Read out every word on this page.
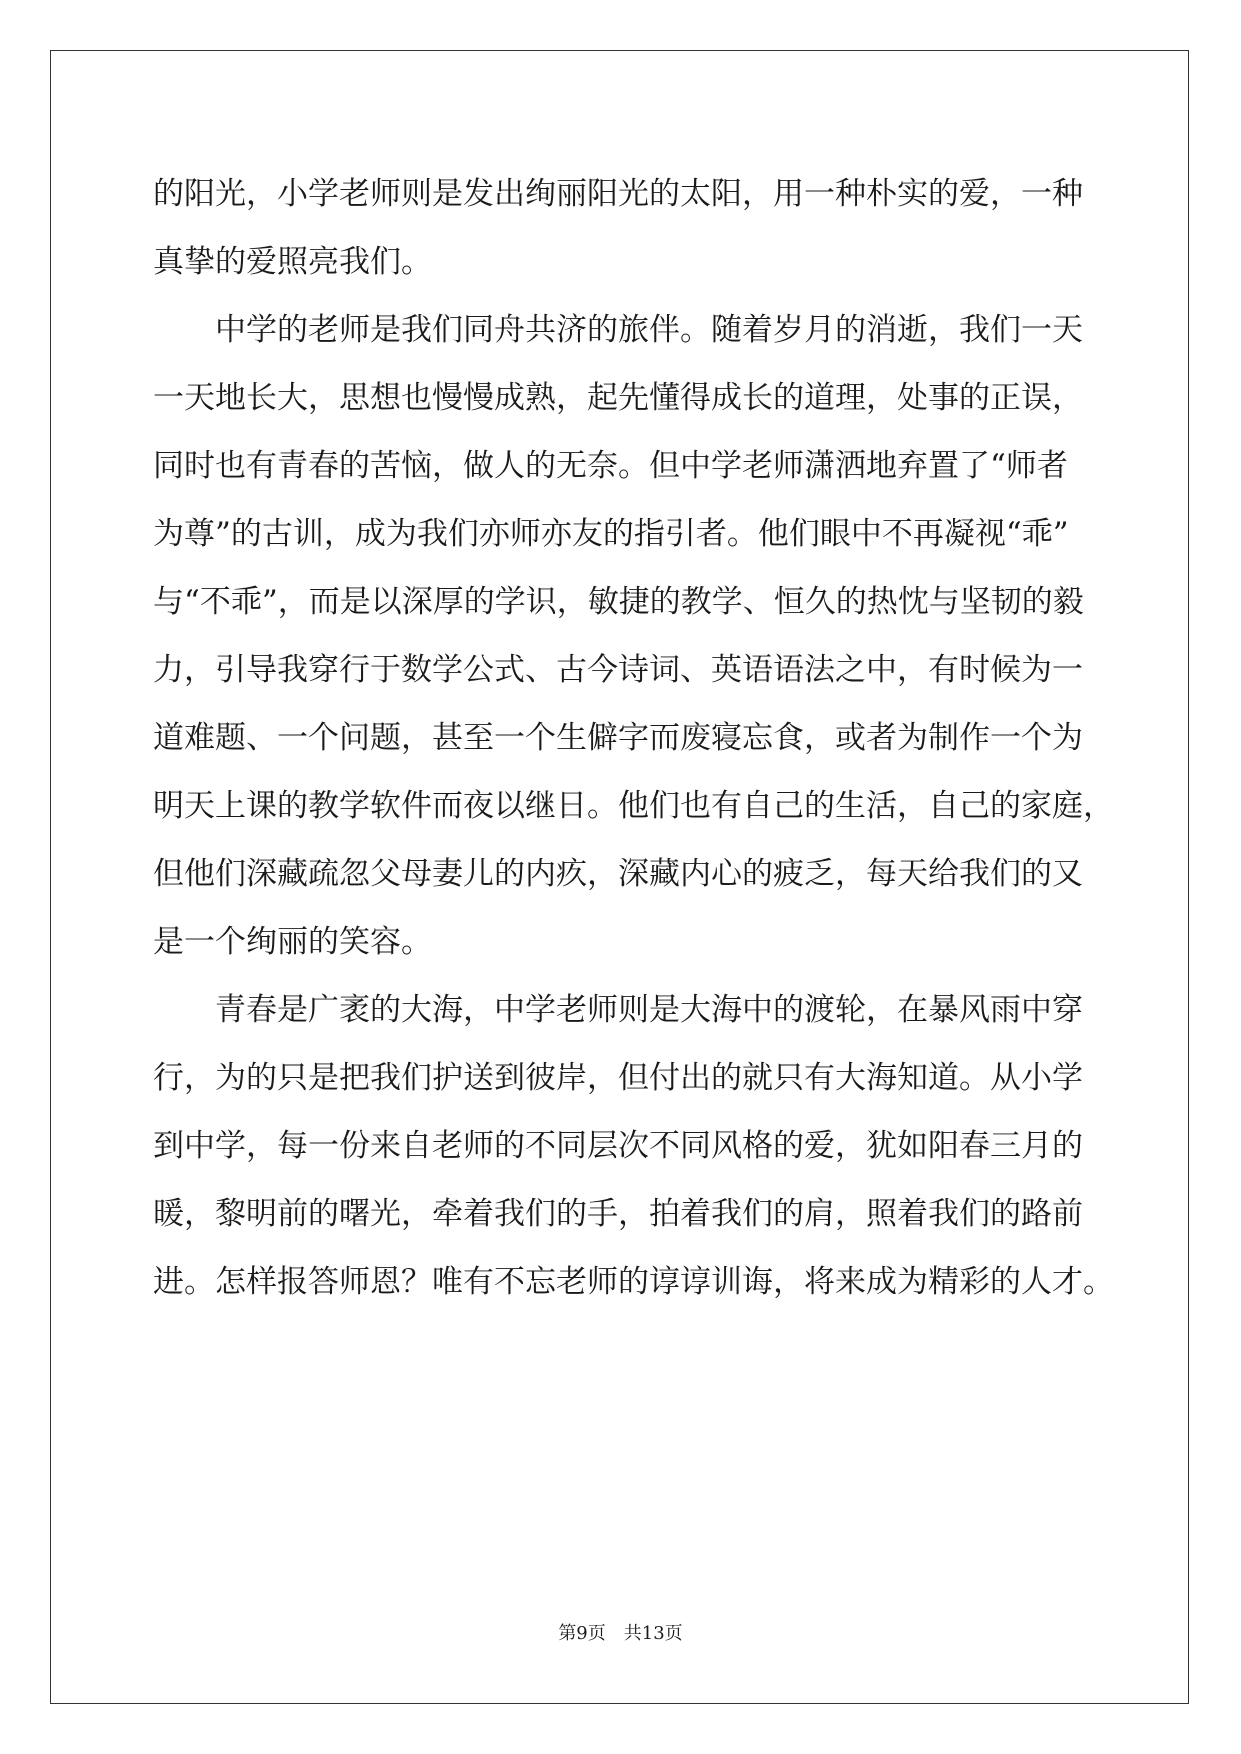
的阳光，小学老师则是发出绚丽阳光的太阳，用一种朴实的爱，一种
真挚的爱照亮我们。
　　中学的老师是我们同舟共济的旅伴。随着岁月的消逝，我们一天
一天地长大，思想也慢慢成熟，起先懂得成长的道理，处事的正误，
同时也有青春的苦恼，做人的无奈。但中学老师潇洒地弃置了“师者
为尊”的古训，成为我们亦师亦友的指引者。他们眼中不再凝视“乖”
与“不乖”，而是以深厚的学识，敏捷的教学、恒久的热忱与坚韧的毅
力，引导我穿行于数学公式、古今诗词、英语语法之中，有时候为一
道难题、一个问题，甚至一个生僻字而废寝忘食，或者为制作一个为
明天上课的教学软件而夜以继日。他们也有自己的生活，自己的家庭，
但他们深藏疏忽父母妻儿的内疚，深藏内心的疲乏，每天给我们的又
是一个绚丽的笑容。
　　青春是广袤的大海，中学老师则是大海中的渡轮，在暴风雨中穿
行，为的只是把我们护送到彼岸，但付出的就只有大海知道。从小学
到中学，每一份来自老师的不同层次不同风格的爱，犹如阳春三月的
暖，黎明前的曙光，牵着我们的手，拍着我们的肩，照着我们的路前
进。怎样报答师恩？唯有不忘老师的谆谆训诲，将来成为精彩的人才。
第9页　共13页
